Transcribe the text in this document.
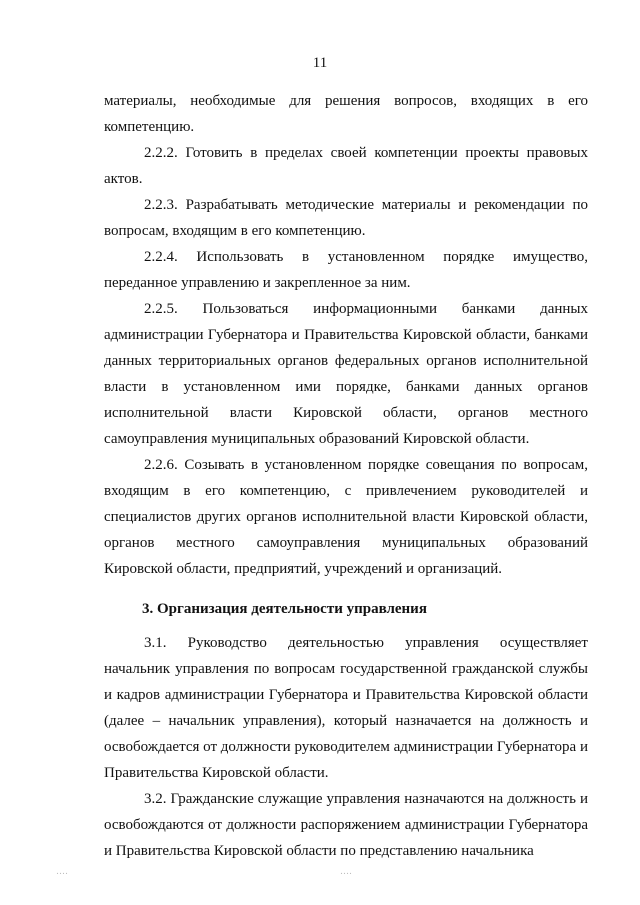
11

материалы, необходимые для решения вопросов, входящих в его компетенцию.

2.2.2. Готовить в пределах своей компетенции проекты правовых актов.

2.2.3. Разрабатывать методические материалы и рекомендации по вопросам, входящим в его компетенцию.

2.2.4. Использовать в установленном порядке имущество, переданное управлению и закрепленное за ним.

2.2.5. Пользоваться информационными банками данных администрации Губернатора и Правительства Кировской области, банками данных территориальных органов федеральных органов исполнительной власти в установленном ими порядке, банками данных органов исполнительной власти Кировской области, органов местного самоуправления муниципальных образований Кировской области.

2.2.6. Созывать в установленном порядке совещания по вопросам, входящим в его компетенцию, с привлечением руководителей и специалистов других органов исполнительной власти Кировской области, органов местного самоуправления муниципальных образований Кировской области, предприятий, учреждений и организаций.

3. Организация деятельности управления

3.1. Руководство деятельностью управления осуществляет начальник управления по вопросам государственной гражданской службы и кадров администрации Губернатора и Правительства Кировской области (далее – начальник управления), который назначается на должность и освобождается от должности руководителем администрации Губернатора и Правительства Кировской области.

3.2. Гражданские служащие управления назначаются на должность и освобождаются от должности распоряжением администрации Губернатора и Правительства Кировской области по представлению начальника

‥‥	‥‥
